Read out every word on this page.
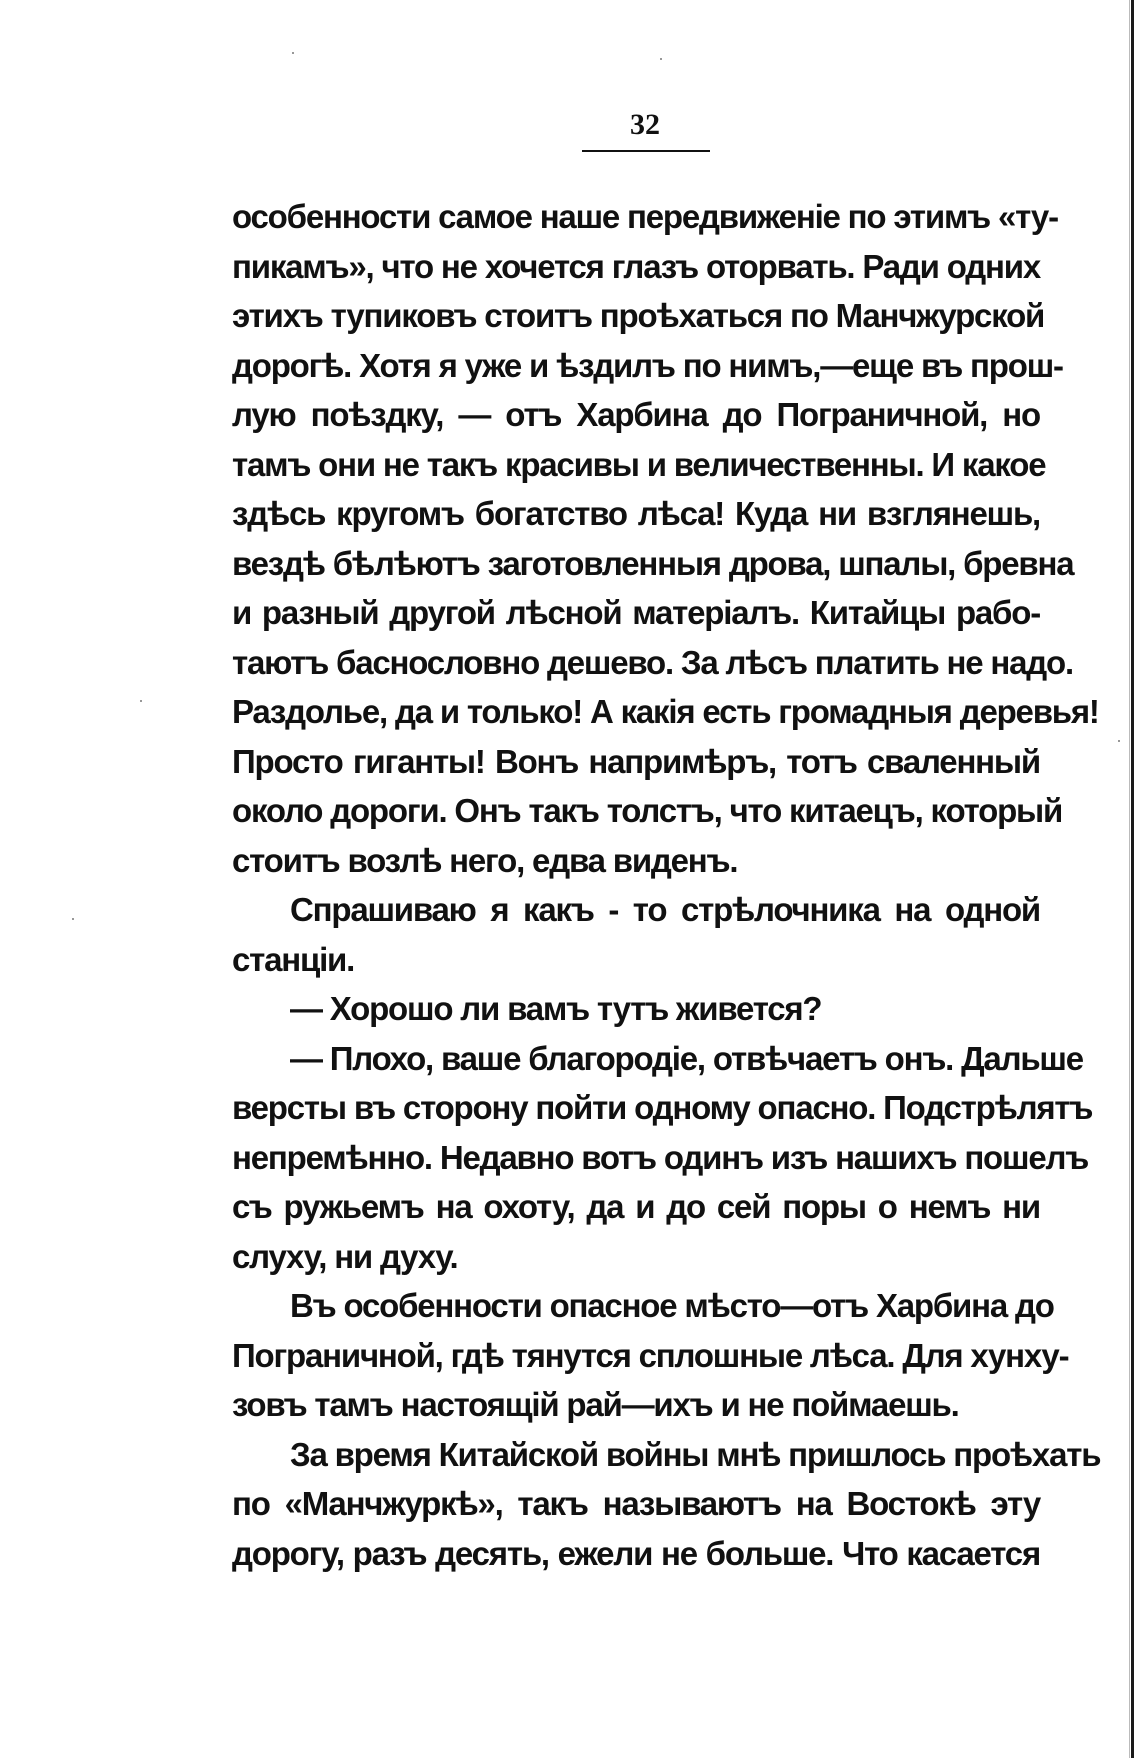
32
особенности самое наше передвиженіе по этимъ «ту-
пикамъ», что не хочется глазъ оторвать. Ради одних
этихъ тупиковъ стоитъ проѣхаться по Манчжурской
дорогѣ. Хотя я уже и ѣздилъ по нимъ,—еще въ прош-
лую поѣздку, — отъ Харбина до Пограничной, но
тамъ они не такъ красивы и величественны. И какое
здѣсь кругомъ богатство лѣса! Куда ни взглянешь,
вездѣ бѣлѣютъ заготовленныя дрова, шпалы, бревна
и разный другой лѣсной матеріалъ. Китайцы рабо-
таютъ баснословно дешево. За лѣсъ платить не надо.
Раздолье, да и только! А какія есть громадныя деревья!
Просто гиганты! Вонъ напримѣръ, тотъ сваленный
около дороги. Онъ такъ толстъ, что китаецъ, который
стоитъ возлѣ него, едва виденъ.
Спрашиваю я какъ - то стрѣлочника на одной
станціи.
— Хорошо ли вамъ тутъ живется?
— Плохо, ваше благородіе, отвѣчаетъ онъ. Дальше
версты въ сторону пойти одному опасно. Подстрѣлятъ
непремѣнно. Недавно вотъ одинъ изъ нашихъ пошелъ
съ ружьемъ на охоту, да и до сей поры о немъ ни
слуху, ни духу.
Въ особенности опасное мѣсто—отъ Харбина до
Пограничной, гдѣ тянутся сплошные лѣса. Для хунху-
зовъ тамъ настоящій рай—ихъ и не поймаешь.
За время Китайской войны мнѣ пришлось проѣхать
по «Манчжуркѣ», такъ называютъ на Востокѣ эту
дорогу, разъ десять, ежели не больше. Что касается
